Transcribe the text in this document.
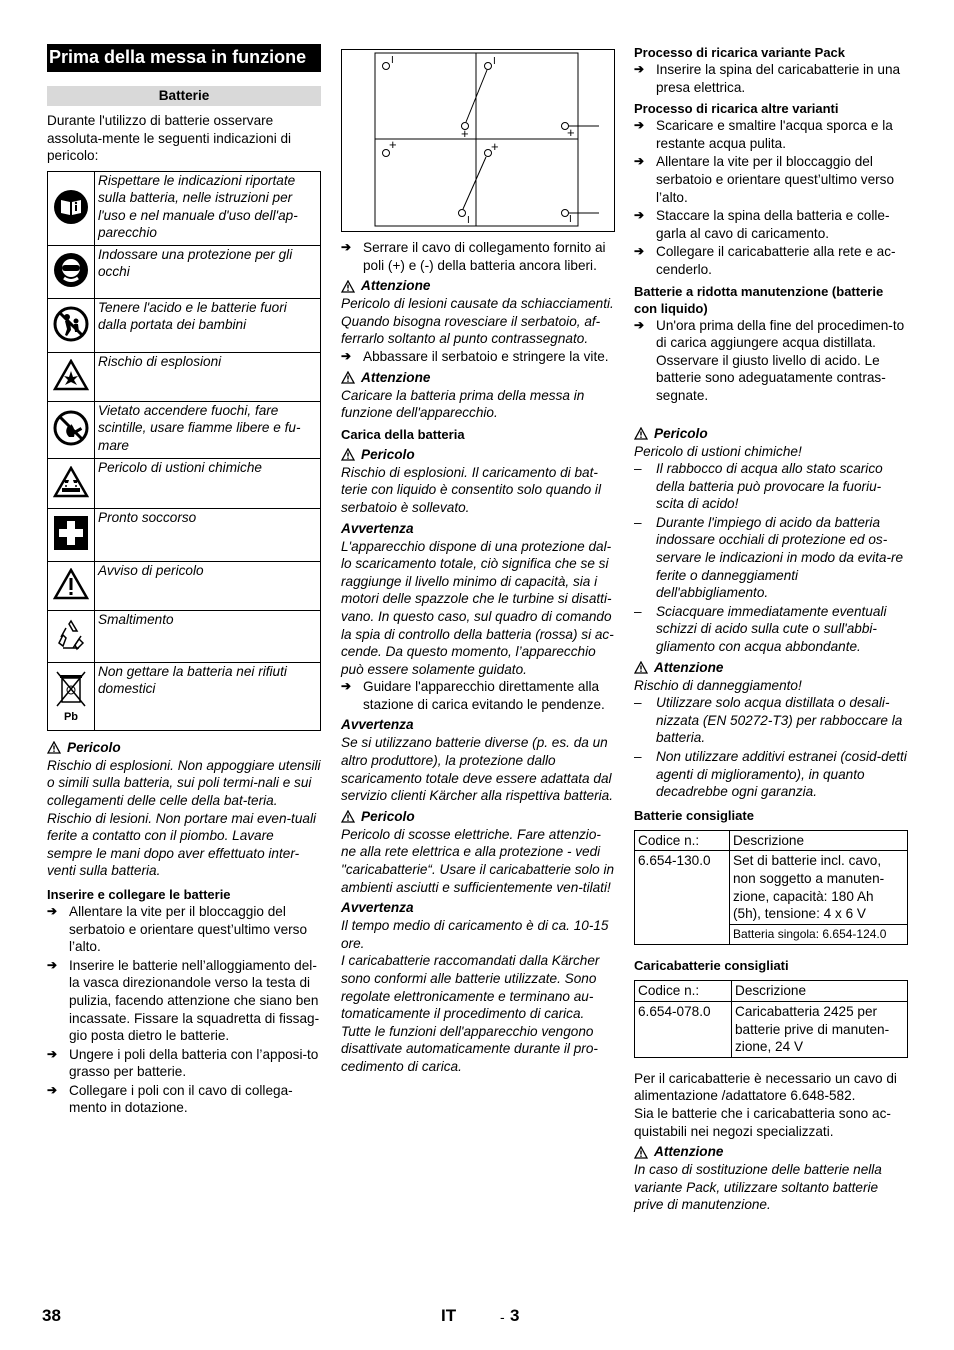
Prima della messa in funzione
Batterie

Durante l'utilizzo di batterie osservare assoluta-mente le seguenti indicazioni di pericolo:

	Rispettare le indicazioni riportate sulla batteria, nelle istruzioni per l'uso e nel manuale d'uso dell'ap-parecchio
	Indossare una protezione per gli occhi
	Tenere l'acido e le batterie fuori dalla portata dei bambini
	Rischio di esplosioni
	Vietato accendere fuochi, fare scintille, usare fiamme libere e fu-mare
	Pericolo di ustioni chimiche
	Pronto soccorso
	Avviso di pericolo
	Smaltimento

Pb	Non gettare la batteria nei rifiuti domestici
Pericolo

Rischio di esplosioni. Non appoggiare utensili o simili sulla batteria, sui poli termi-nali e sui collegamenti delle celle della bat-teria.

Rischio di lesioni. Non portare mai even-tuali ferite a contatto con il piombo. Lavare sempre le mani dopo aver effettuato inter-venti sulla batteria.

Inserire e collegare le batterie
➔ Allentare la vite per il bloccaggio del serbatoio e orientare quest’ultimo verso l’alto.
➔ Inserire le batterie nell’alloggiamento del-la vasca direzionandole verso la testa di pulizia, facendo attenzione che siano ben incassate. Fissare la squadretta di fissag-gio posta dietro le batterie.
➔ Ungere i poli della batteria con l’apposi-to grasso per batterie.
➔ Collegare i poli con il cavo di collega-mento in dotazione.
I
+
I
+	+
+
I	I
➔ Serrare il cavo di collegamento fornito ai poli (+) e (-) della batteria ancora liberi.
Attenzione

Pericolo di lesioni causate da schiacciamenti. Quando bisogna rovesciare il serbatoio, af-ferrarlo soltanto al punto contrassegnato.

➔ Abbassare il serbatoio e stringere la vite.
Attenzione

Caricare la batteria prima della messa in funzione dell'apparecchio.

Carica della batteria
Pericolo

Rischio di esplosioni. Il caricamento di bat-terie con liquido è consentito solo quando il serbatoio è sollevato.

Avvertenza

L'apparecchio dispone di una protezione dal-lo scaricamento totale, ciò significa che se si raggiunge il livello minimo di capacità, sia i motori delle spazzole che le turbine si disatti-vano. In questo caso, sul quadro di comando la spia di controllo della batteria (rossa) si ac-cende. Da questo momento, l’apparecchio può essere solamente guidato.

➔ Guidare l'apparecchio direttamente alla stazione di carica evitando le pendenze.
Avvertenza

Se si utilizzano batterie diverse (p. es. da un altro produttore), la protezione dallo scaricamento totale deve essere adattata dal servizio clienti Kärcher alla rispettiva batteria.

Pericolo

Pericolo di scosse elettriche. Fare attenzio-ne alla rete elettrica e alla protezione - vedi "caricabatterie“. Usare il caricabatterie solo in ambienti asciutti e sufficientemente ven-tilati!

Avvertenza

Il tempo medio di caricamento è di ca. 10-15 ore.

I caricabatterie raccomandati dalla Kärcher sono conformi alle batterie utilizzate. Sono regolate elettronicamente e terminano au-tomaticamente il procedimento di carica.

Tutte le funzioni dell'apparecchio vengono disattivate automaticamente durante il pro-cedimento di carica.

Processo di ricarica variante Pack
➔ Inserire la spina del caricabatterie in una presa elettrica.
Processo di ricarica altre varianti
➔ Scaricare e smaltire l'acqua sporca e la restante acqua pulita.
➔ Allentare la vite per il bloccaggio del serbatoio e orientare quest’ultimo verso l’alto.
➔ Staccare la spina della batteria e colle-garla al cavo di caricamento.
➔ Collegare il caricabatterie alla rete e ac-cenderlo.
Batterie a ridotta manutenzione (batterie con liquido)
➔ Un'ora prima della fine del procedimen-to di carica aggiungere acqua distillata. Osservare il giusto livello di acido. Le batterie sono adeguatamente contras-segnate.
Pericolo

Pericolo di ustioni chimiche!

–	Il rabbocco di acqua allo stato scarico della batteria può provocare la fuoriu-scita di acido!
–	Durante l'impiego di acido da batteria indossare occhiali di protezione ed os-servare le indicazioni in modo da evita-re ferite o danneggiamenti dell'abbigliamento.
–	Sciacquare immediatamente eventuali schizzi di acido sulla cute o sull'abbi-gliamento con acqua abbondante.
Attenzione

Rischio di danneggiamento!

–	Utilizzare solo acqua distillata o desali-nizzata (EN 50272-T3) per rabboccare la batteria.
–	Non utilizzare additivi estranei (cosid-detti agenti di miglioramento), in quanto decadrebbe ogni garanzia.
Batterie consigliate
Codice n.:	Descrizione
6.654-130.0	Set di batterie incl. cavo, non soggetto a manuten-zione, capacità: 180 Ah (5h), tensione: 4 x 6 V
	Batteria singola: 6.654-124.0
Caricabatterie consigliati
Codice n.:	Descrizione
6.654-078.0	Caricabatteria 2425 per batterie prive di manuten-zione, 24 V

Per il caricabatterie è necessario un cavo di alimentazione /adattatore 6.648-582.

Sia le batterie che i caricabatteria sono ac-quistabili nei negozi specializzati.

Attenzione

In caso di sostituzione delle batterie nella variante Pack, utilizzare soltanto batterie prive di manutenzione.

38	IT	- 3
